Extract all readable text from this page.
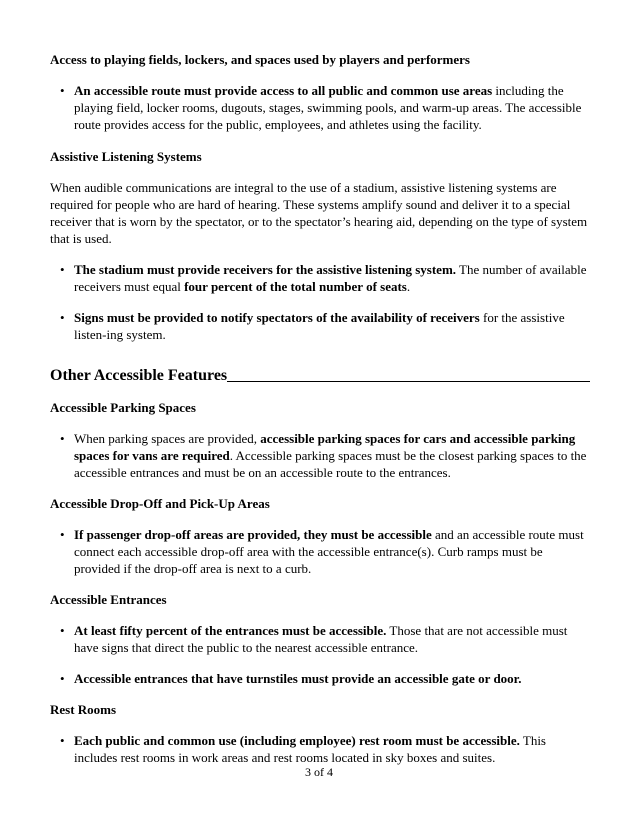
Access to playing fields, lockers, and spaces used by players and performers

• An accessible route must provide access to all public and common use areas including the playing field, locker rooms, dugouts, stages, swimming pools, and warm-up areas. The accessible route provides access for the public, employees, and athletes using the facility.

Assistive Listening Systems

When audible communications are integral to the use of a stadium, assistive listening systems are required for people who are hard of hearing. These systems amplify sound and deliver it to a special receiver that is worn by the spectator, or to the spectator’s hearing aid, depending on the type of system that is used.

• The stadium must provide receivers for the assistive listening system. The number of available receivers must equal four percent of the total number of seats.

• Signs must be provided to notify spectators of the availability of receivers for the assistive listen-ing system.

Other Accessible Features

Accessible Parking Spaces

• When parking spaces are provided, accessible parking spaces for cars and accessible parking spaces for vans are required. Accessible parking spaces must be the closest parking spaces to the accessible entrances and must be on an accessible route to the entrances.

Accessible Drop-Off and Pick-Up Areas

• If passenger drop-off areas are provided, they must be accessible and an accessible route must connect each accessible drop-off area with the accessible entrance(s). Curb ramps must be provided if the drop-off area is next to a curb.

Accessible Entrances

• At least fifty percent of the entrances must be accessible. Those that are not accessible must have signs that direct the public to the nearest accessible entrance.

• Accessible entrances that have turnstiles must provide an accessible gate or door.

Rest Rooms

• Each public and common use (including employee) rest room must be accessible. This includes rest rooms in work areas and rest rooms located in sky boxes and suites.

3 of 4
